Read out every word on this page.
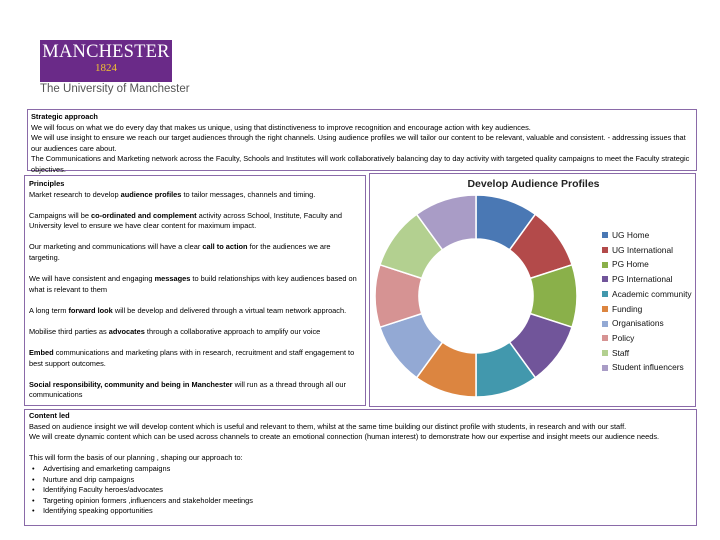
MANCHESTER
1824
The University of Manchester
Strategic approach

We will focus on what we do every day that makes us unique, using that distinctiveness to improve recognition and encourage action with key audiences.

We will use insight to ensure we reach our target audiences through the right channels. Using audience profiles we will tailor our content to be relevant, valuable and consistent. - addressing issues that our audiences care about.

The Communications and Marketing network across the Faculty, Schools and Institutes will work collaboratively balancing day to day activity with targeted quality campaigns to meet the Faculty strategic objectives.

Principles

Market research to develop audience profiles to tailor messages, channels and timing.

Campaigns will be co-ordinated and complement activity across School, Institute, Faculty and University level to ensure we have clear content for maximum impact.

Our marketing and communications will have a clear call to action for the audiences we are targeting.

We will have consistent and engaging messages to build relationships with key audiences based on what is relevant to them

A long term forward look will be develop and delivered through a virtual team network approach.

Mobilise third parties as advocates through a collaborative approach to amplify our voice

Embed communications and marketing plans with in research, recruitment and staff engagement to best support outcomes.

Social responsibility, community and being in Manchester will run as a thread through all our communications

Develop Audience Profiles
UG Home
UG International
PG Home
PG International
Academic community
Funding
Organisations
Policy
Staff
Student influencers
Content led

Based on audience insight we will develop content which is useful and relevant to them, whilst at the same time building our distinct profile with students, in research and with our staff.

We will create dynamic content which can be used across channels to create an emotional connection (human interest) to demonstrate how our expertise and insight meets our audience needs.

This will form the basis of our planning , shaping our approach to:

• Advertising and emarketing campaigns
• Nurture and drip campaigns
• Identifying Faculty heroes/advocates
• Targeting opinion formers ,influencers and stakeholder meetings
• Identifying speaking opportunities
